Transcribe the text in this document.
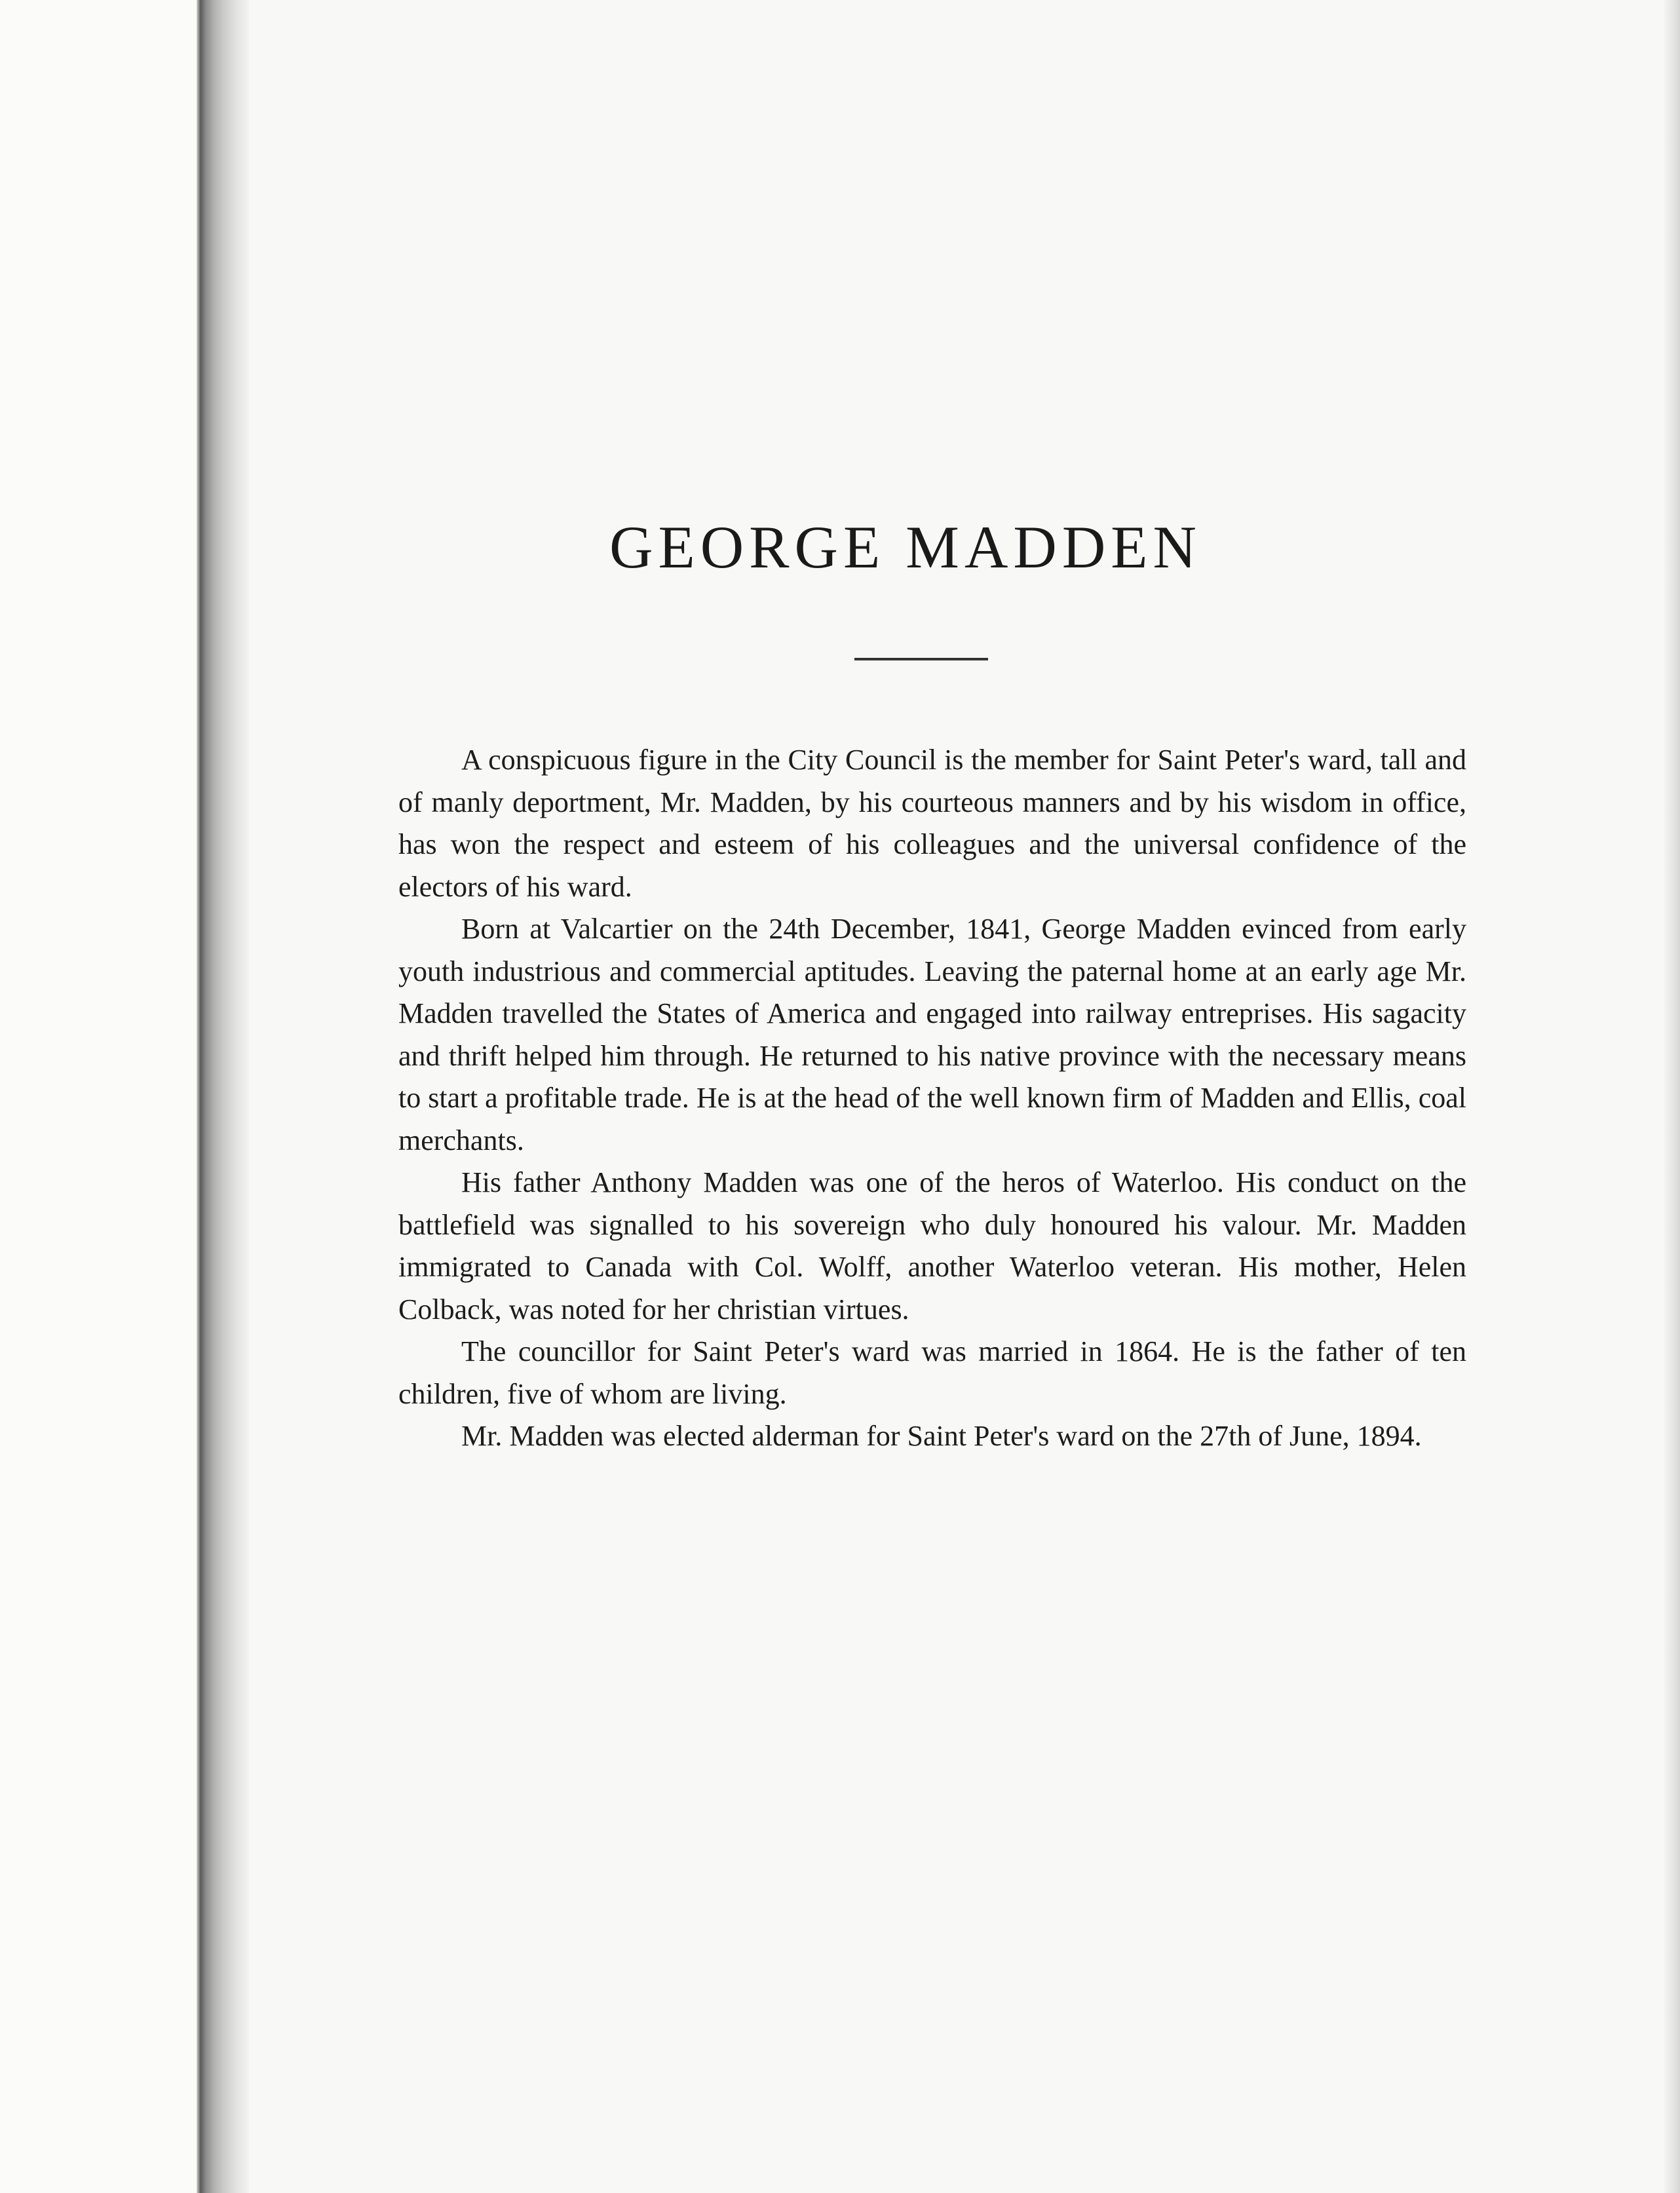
GEORGE MADDEN

A conspicuous figure in the City Council is the member for Saint Peter's ward, tall and of manly deportment, Mr. Madden, by his courteous manners and by his wisdom in office, has won the respect and esteem of his colleagues and the universal confidence of the electors of his ward.

Born at Valcartier on the 24th December, 1841, George Madden evinced from early youth industrious and commercial aptitudes. Leaving the paternal home at an early age Mr. Madden travelled the States of America and engaged into railway entreprises. His sagacity and thrift helped him through. He returned to his native province with the necessary means to start a profitable trade. He is at the head of the well known firm of Madden and Ellis, coal merchants.

His father Anthony Madden was one of the heros of Waterloo. His conduct on the battlefield was signalled to his sovereign who duly honoured his valour. Mr. Madden immigrated to Canada with Col. Wolff, another Waterloo veteran. His mother, Helen Colback, was noted for her christian virtues.

The councillor for Saint Peter's ward was married in 1864. He is the father of ten children, five of whom are living.

Mr. Madden was elected alderman for Saint Peter's ward on the 27th of June, 1894.
